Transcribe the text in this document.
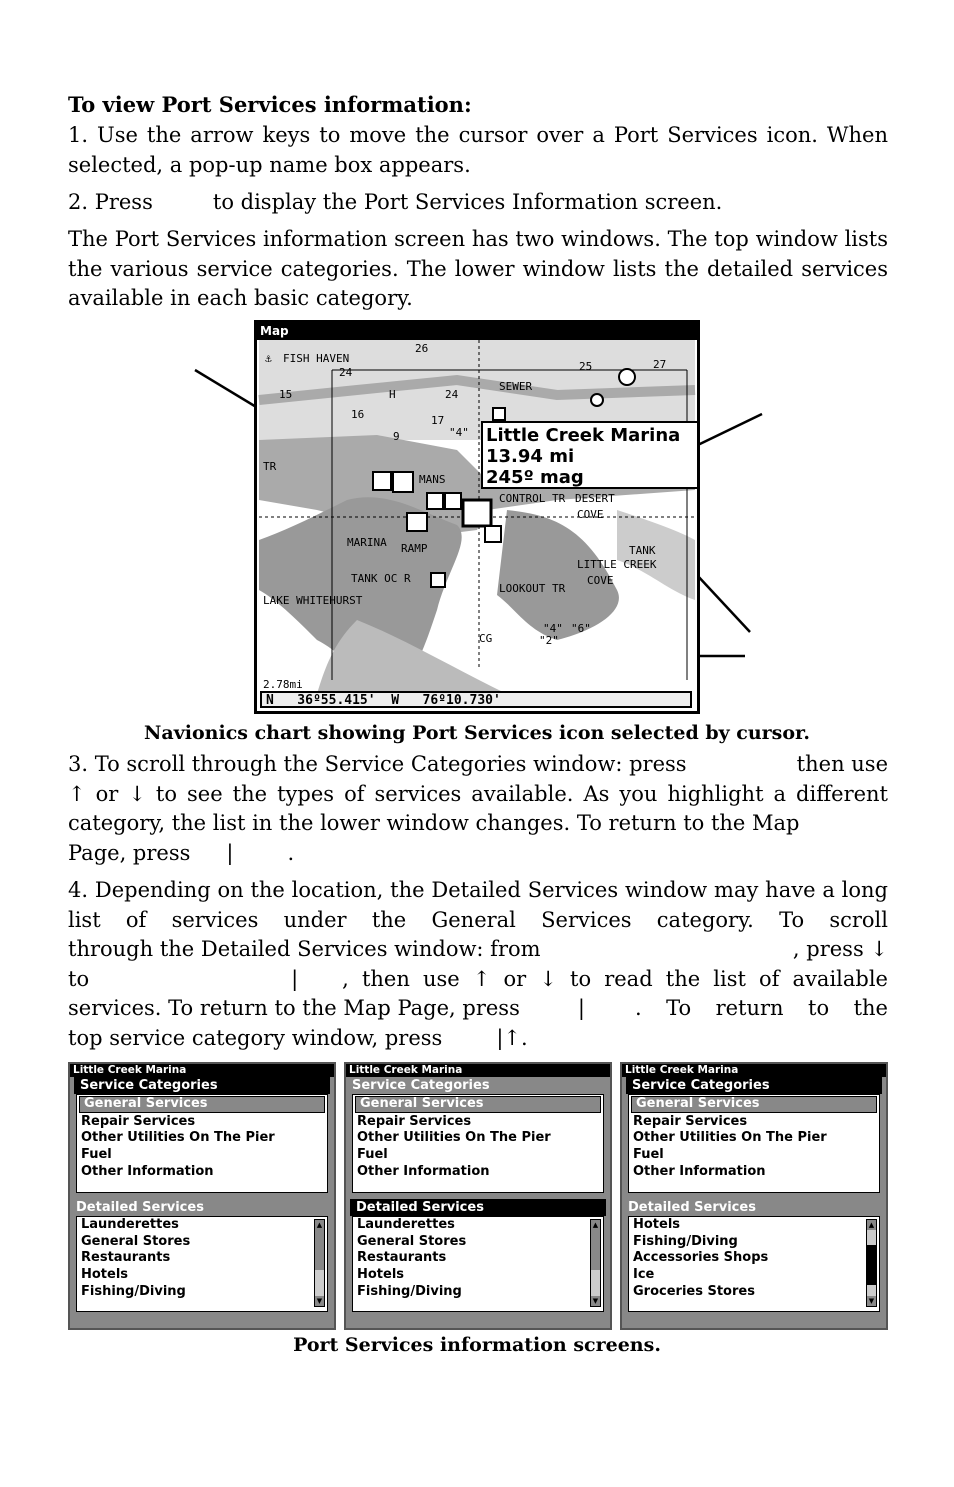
To view Port Services information:

1. Use the arrow keys to move the cursor over a Port Services icon. When selected, a pop-up name box appears.

2. Press	to display the Port Services Information screen.

The Port Services information screen has two windows. The top window lists the various service categories. The lower window lists the detailed services available in each basic category.

Map
FISH HAVEN
⚓
26
24	25	27
15	H	24
SEWER
16
9
17
"4"
TR
MANS
CONTROL TR DESERT
COVE
MARINA RAMP	TANK
LITTLE CREEK
COVE
TANK OC R
LAKE WHITEHURST
LOOKOUT TR
"4"
"2"
"6"
CG
2.78mi
Little Creek Marina
13.94 mi
245º mag
N   36º55.415'  W   76º10.730'
Navionics chart showing Port Services icon selected by cursor.
3. To scroll through the Service Categories window: press	then use
↑ or ↓ to see the types of services available. As you highlight a different category, the list in the lower window changes. To return to the Map
Page, press |	.
4. Depending on the location, the Detailed Services window may have a long list of services under the General Services category. To scroll
through the Detailed Services window: from	, press ↓
to	| , then use ↑ or ↓ to read the list of available
services. To return to the Map Page, press	| . To return to the
top service category window, press	|↑.
Little Creek Marina
Service Categories
General Services
Repair Services
Other Utilities On The Pier
Fuel
Other Information
Detailed Services
Launderettes
General Stores
Restaurants
Hotels
Fishing/Diving
▲
▼
Little Creek Marina
Service Categories
General Services
Repair Services
Other Utilities On The Pier
Fuel
Other Information
Detailed Services
Launderettes
General Stores
Restaurants
Hotels
Fishing/Diving
▲
▼
Little Creek Marina
Service Categories
General Services
Repair Services
Other Utilities On The Pier
Fuel
Other Information
Detailed Services
Hotels
Fishing/Diving
Accessories Shops
Ice
Groceries Stores
▲
▼
Port Services information screens.
